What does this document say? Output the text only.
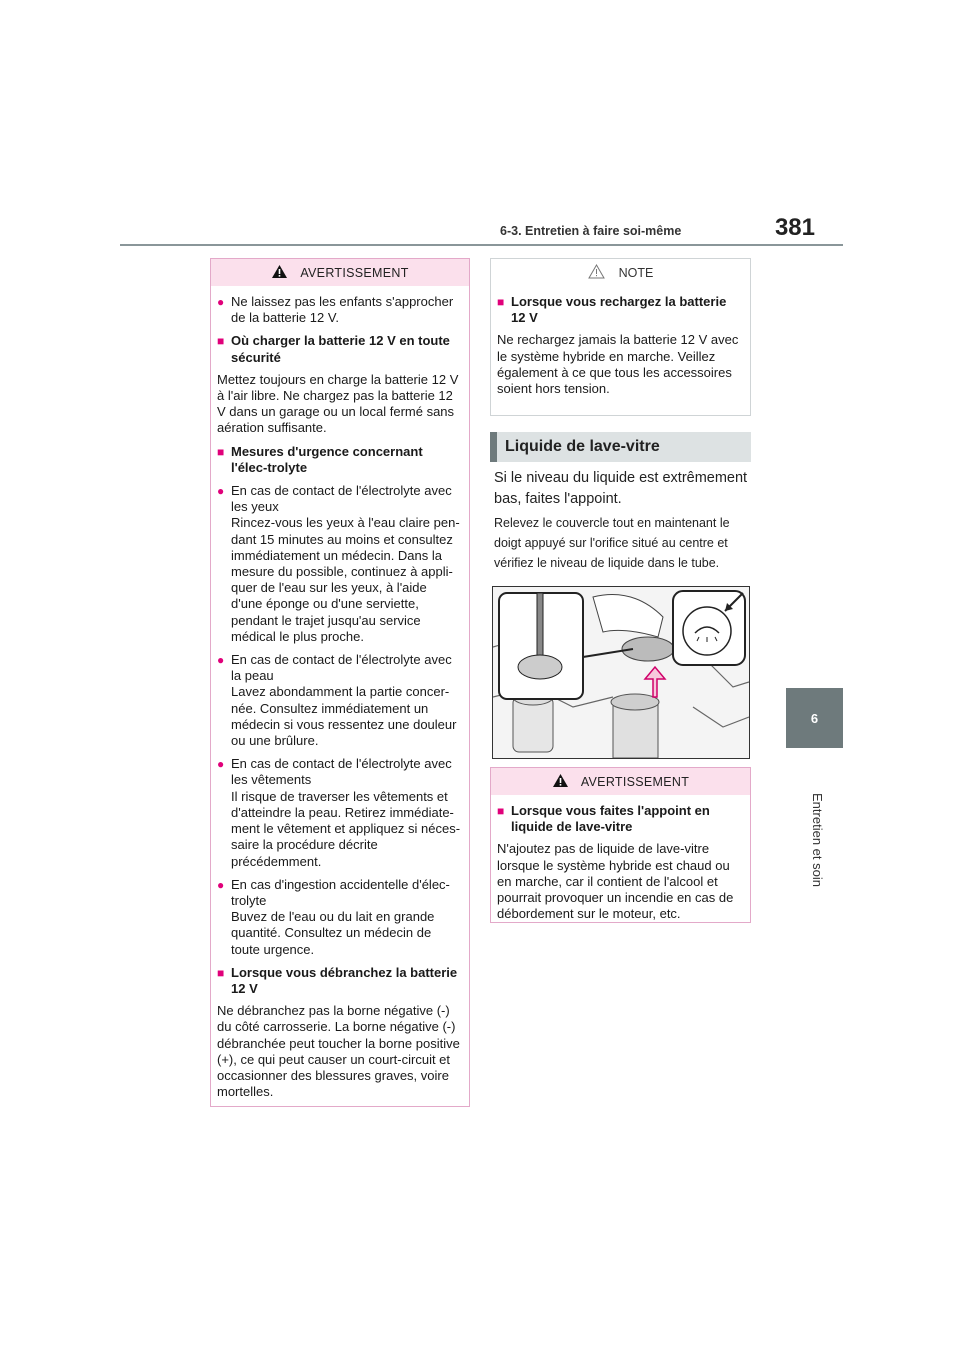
6-3. Entretien à faire soi-même	381
6
Entretien et soin
AVERTISSEMENT
● Ne laissez pas les enfants s'approcher de la batterie 12 V.
■ Où charger la batterie 12 V en toute sécurité
Mettez toujours en charge la batterie 12 V à l'air libre. Ne chargez pas la batterie 12 V dans un garage ou un local fermé sans aération suffisante.
■ Mesures d'urgence concernant l'élec-trolyte
● En cas de contact de l'électrolyte avec les yeux
Rincez-vous les yeux à l'eau claire pen-dant 15 minutes au moins et consultez immédiatement un médecin. Dans la mesure du possible, continuez à appli-quer de l'eau sur les yeux, à l'aide d'une éponge ou d'une serviette, pendant le trajet jusqu'au service médical le plus proche.
● En cas de contact de l'électrolyte avec la peau
Lavez abondamment la partie concer-née. Consultez immédiatement un médecin si vous ressentez une douleur ou une brûlure.
● En cas de contact de l'électrolyte avec les vêtements
Il risque de traverser les vêtements et d'atteindre la peau. Retirez immédiate-ment le vêtement et appliquez si néces-saire la procédure décrite précédemment.
● En cas d'ingestion accidentelle d'élec-trolyte
Buvez de l'eau ou du lait en grande quantité. Consultez un médecin de toute urgence.
■ Lorsque vous débranchez la batterie 12 V
Ne débranchez pas la borne négative (-) du côté carrosserie. La borne négative (-) débranchée peut toucher la borne positive (+), ce qui peut causer un court-circuit et occasionner des blessures graves, voire mortelles.
NOTE
■ Lorsque vous rechargez la batterie 12 V
Ne rechargez jamais la batterie 12 V avec le système hybride en marche. Veillez également à ce que tous les accessoires soient hors tension.
Liquide de lave-vitre
Si le niveau du liquide est extrêmement bas, faites l'appoint.
Relevez le couvercle tout en maintenant le doigt appuyé sur l'orifice situé au centre et vérifiez le niveau de liquide dans le tube.
AVERTISSEMENT
■ Lorsque vous faites l'appoint en liquide de lave-vitre
N'ajoutez pas de liquide de lave-vitre lorsque le système hybride est chaud ou en marche, car il contient de l'alcool et pourrait provoquer un incendie en cas de débordement sur le moteur, etc.
